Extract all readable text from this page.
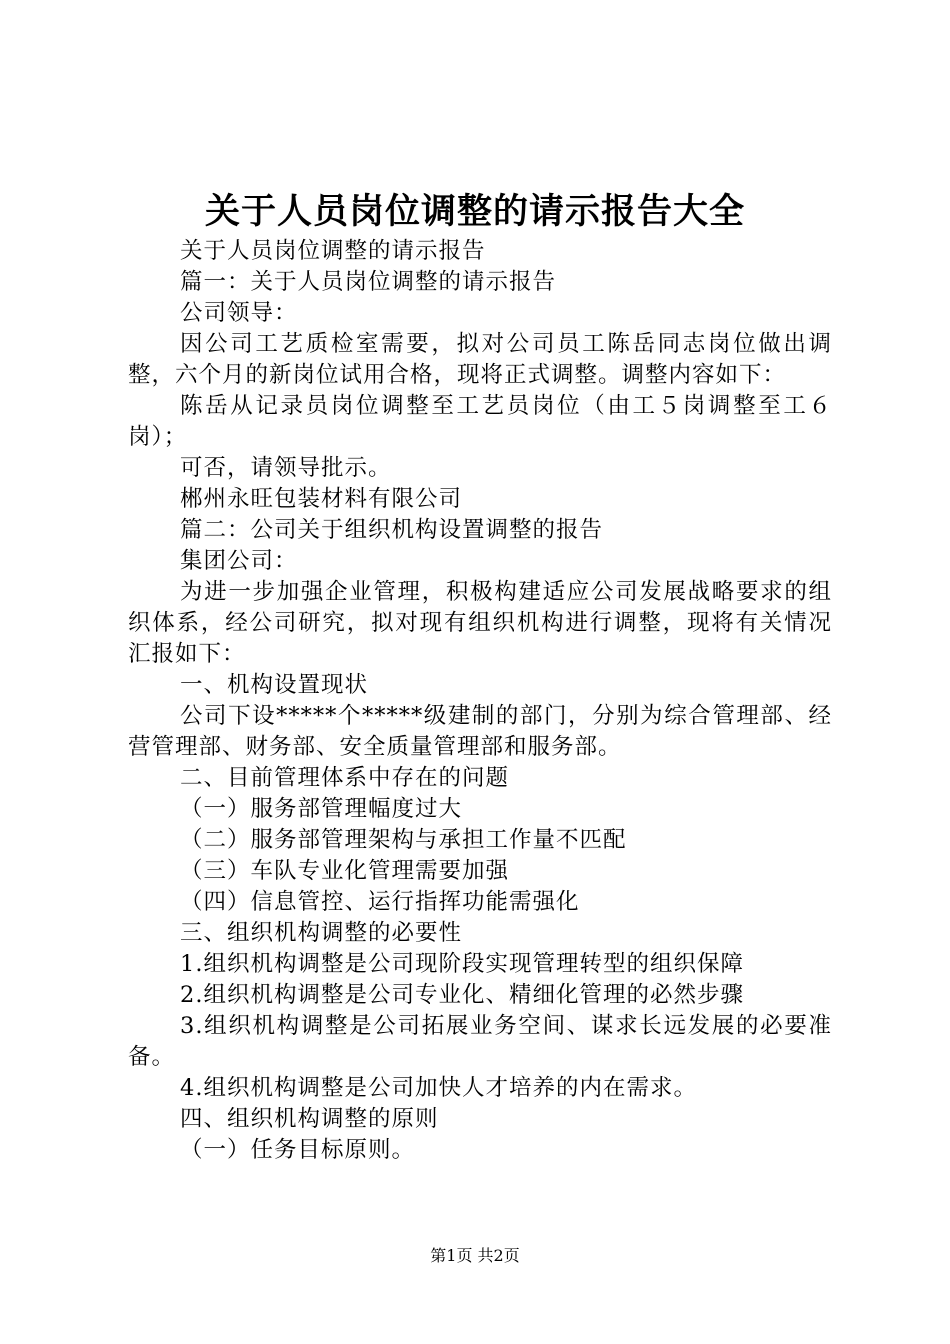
关于人员岗位调整的请示报告大全

关于人员岗位调整的请示报告

篇一：关于人员岗位调整的请示报告

公司领导：

因公司工艺质检室需要，拟对公司员工陈岳同志岗位做出调整，六个月的新岗位试用合格，现将正式调整。调整内容如下：

陈岳从记录员岗位调整至工艺员岗位（由工５岗调整至工６岗）；

可否，请领导批示。

郴州永旺包装材料有限公司

篇二：公司关于组织机构设置调整的报告

集团公司：

为进一步加强企业管理，积极构建适应公司发展战略要求的组织体系，经公司研究，拟对现有组织机构进行调整，现将有关情况汇报如下：

一、机构设置现状

公司下设*****个*****级建制的部门，分别为综合管理部、经营管理部、财务部、安全质量管理部和服务部。

二、目前管理体系中存在的问题

（一）服务部管理幅度过大

（二）服务部管理架构与承担工作量不匹配

（三）车队专业化管理需要加强

（四）信息管控、运行指挥功能需强化

三、组织机构调整的必要性

1.组织机构调整是公司现阶段实现管理转型的组织保障

2.组织机构调整是公司专业化、精细化管理的必然步骤

3.组织机构调整是公司拓展业务空间、谋求长远发展的必要准备。

4.组织机构调整是公司加快人才培养的内在需求。

四、组织机构调整的原则

（一）任务目标原则。

第1页 共2页
